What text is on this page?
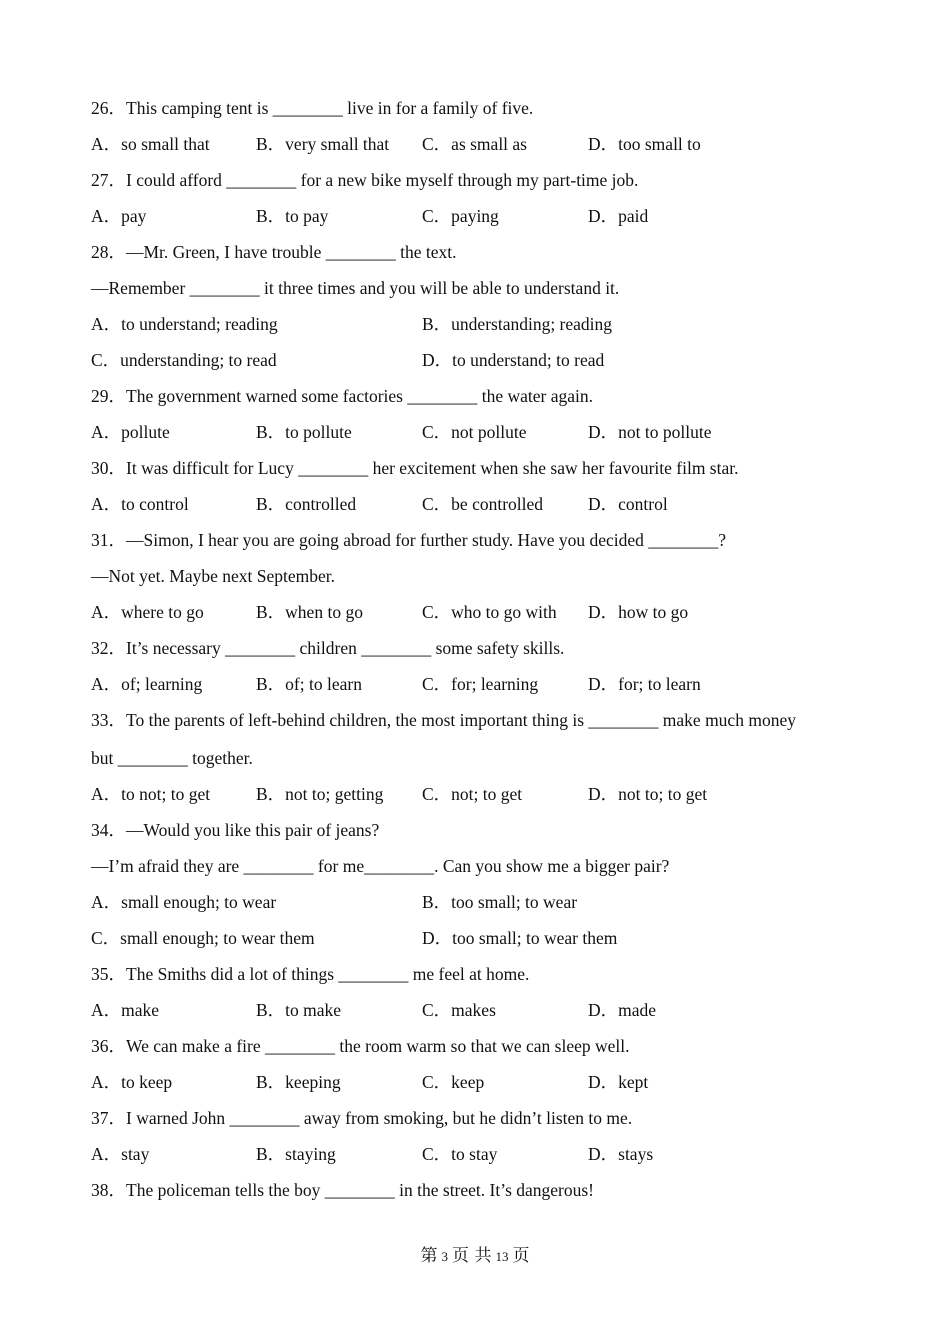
26．This camping tent is ________ live in for a family of five.
A．so small that	B．very small that C．as small as	D．too small to
27．I could afford ________ for a new bike myself through my part-time job.
A．pay	B．to pay	C．paying	D．paid
28．—Mr. Green, I have trouble ________ the text.
—Remember ________ it three times and you will be able to understand it.
A．to understand; reading	B．understanding; reading
C．understanding; to read	D．to understand; to read
29．The government warned some factories ________ the water again.
A．pollute	B．to pollute	C．not pollute	D．not to pollute
30．It was difficult for Lucy ________ her excitement when she saw her favourite film star.
A．to control	B．controlled	C．be controlled	D．control
31．—Simon, I hear you are going abroad for further study. Have you decided ________?
—Not yet. Maybe next September.
A．where to go	B．when to go	C．who to go with D．how to go
32．It’s necessary ________ children ________ some safety skills.
A．of; learning	B．of; to learn	C．for; learning	D．for; to learn
33．To the parents of left-behind children, the most important thing is ________ make much money
but ________ together.
A．to not; to get	B．not to; getting C．not; to get	D．not to; to get
34．—Would you like this pair of jeans?
—I’m afraid they are ________ for me________. Can you show me a bigger pair?
A．small enough; to wear	B．too small; to wear
C．small enough; to wear them	D．too small; to wear them
35．The Smiths did a lot of things ________ me feel at home.
A．make	B．to make	C．makes	D．made
36．We can make a fire ________ the room warm so that we can sleep well.
A．to keep	B．keeping	C．keep	D．kept
37．I warned John ________ away from smoking, but he didn’t listen to me.
A．stay	B．staying	C．to stay	D．stays
38．The policeman tells the boy ________ in the street. It’s dangerous!
第 3 页 共 13 页
